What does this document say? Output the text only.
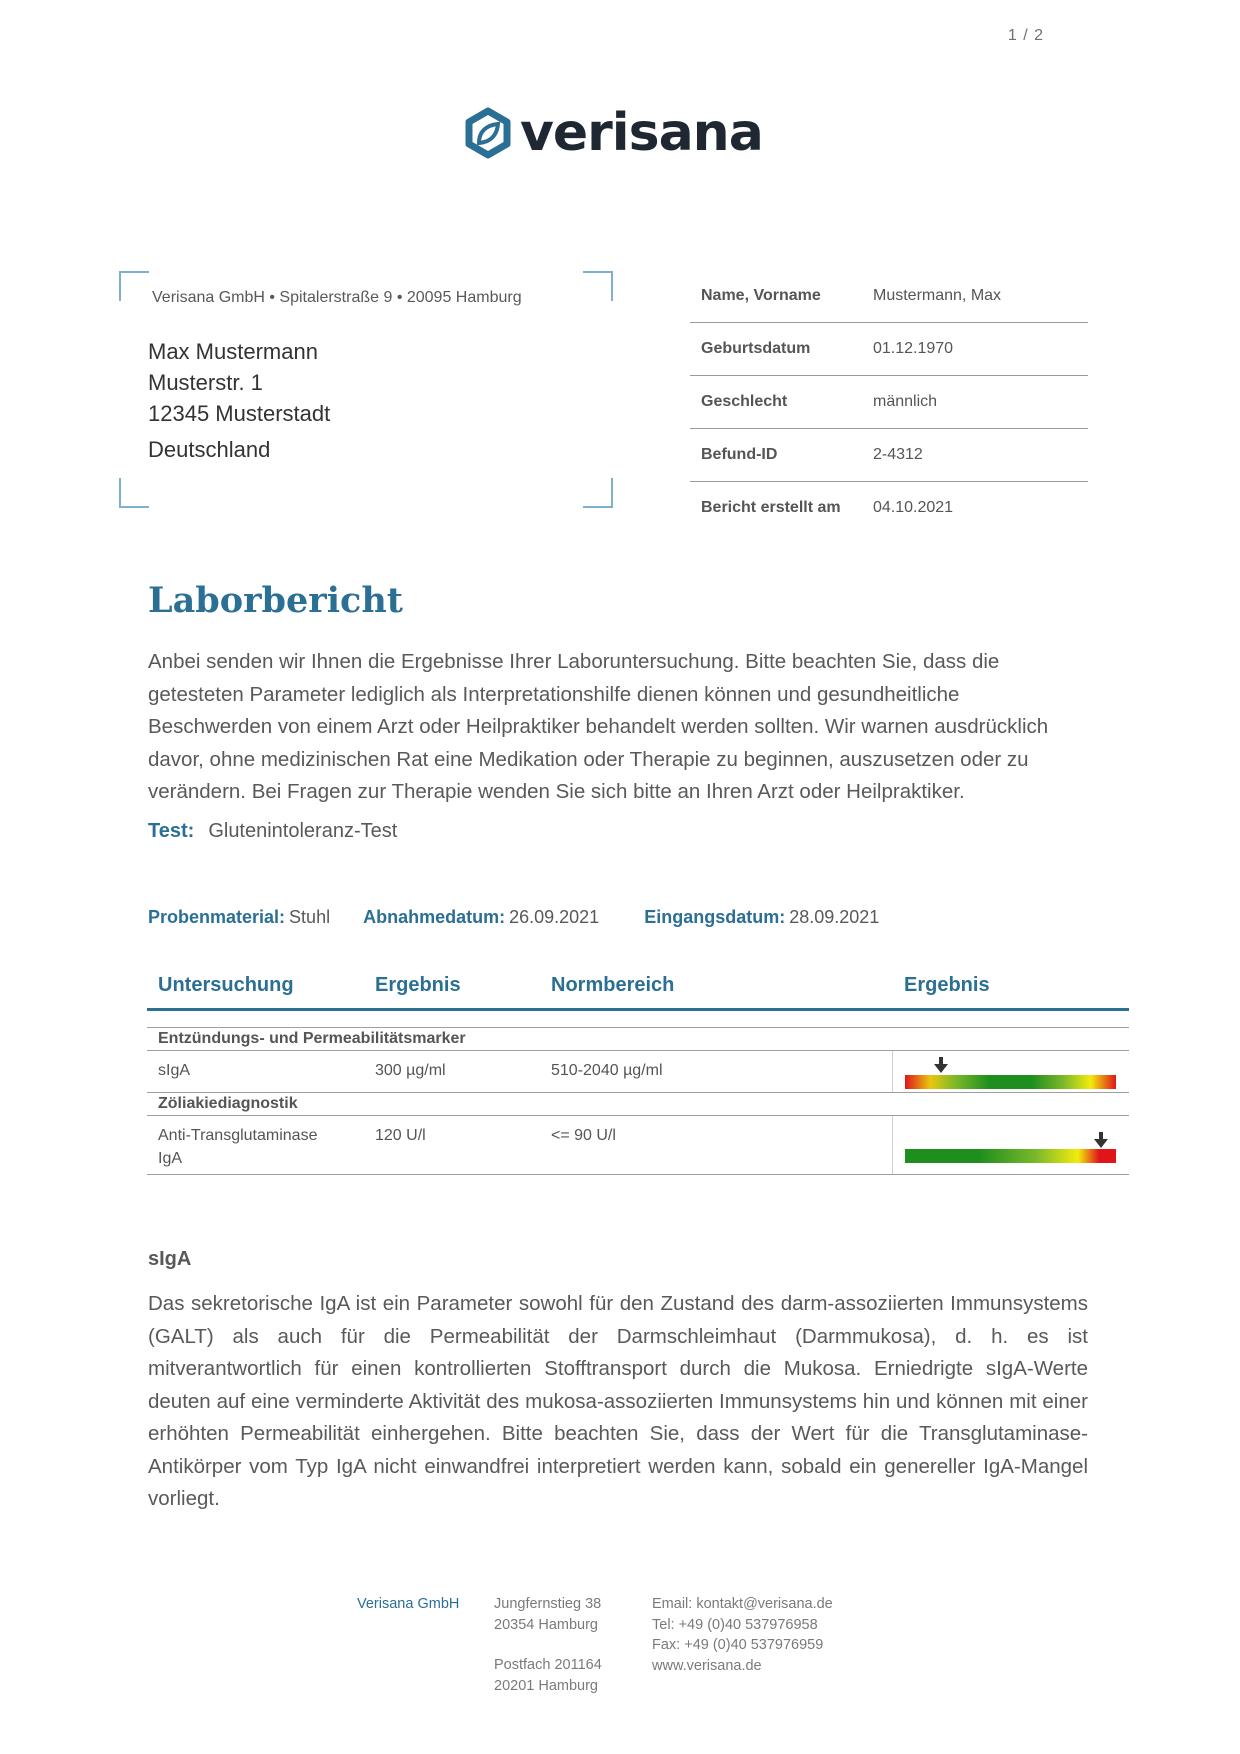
1 / 2
verisana
Verisana GmbH • Spitalerstraße 9 • 20095 Hamburg
Max Mustermann
Musterstr. 1
12345 Musterstadt
Deutschland
Name, Vorname	Mustermann, Max
Geburtsdatum	01.12.1970
Geschlecht	männlich
Befund-ID	2-4312
Bericht erstellt am	04.10.2021
Laborbericht
Anbei senden wir Ihnen die Ergebnisse Ihrer Laboruntersuchung. Bitte beachten Sie, dass die getesteten Parameter lediglich als Interpretationshilfe dienen können und gesundheitliche Beschwerden von einem Arzt oder Heilpraktiker behandelt werden sollten. Wir warnen ausdrücklich davor, ohne medizinischen Rat eine Medikation oder Therapie zu beginnen, auszusetzen oder zu verändern. Bei Fragen zur Therapie wenden Sie sich bitte an Ihren Arzt oder Heilpraktiker.
Test: Glutenintoleranz-Test
Probenmaterial: Stuhl Abnahmedatum: 26.09.2021	Eingangsdatum: 28.09.2021
Untersuchung	Ergebnis	Normbereich	Ergebnis
Entzündungs- und Permeabilitätsmarker
sIgA	300 µg/ml	510-2040 µg/ml
Zöliakiediagnostik
Anti-Transglutaminase
IgA
120 U/l	<= 90 U/l
sIgA
Das sekretorische IgA ist ein Parameter sowohl für den Zustand des darm-assoziierten Immunsystems (GALT) als auch für die Permeabilität der Darmschleimhaut (Darmmukosa), d. h. es ist mitverantwortlich für einen kontrollierten Stofftransport durch die Mukosa. Erniedrigte sIgA-Werte deuten auf eine verminderte Aktivität des mukosa-assoziierten Immunsystems hin und können mit einer erhöhten Permeabilität einhergehen. Bitte beachten Sie, dass der Wert für die Transglutaminase-Antikörper vom Typ IgA nicht einwandfrei interpretiert werden kann, sobald ein genereller IgA-Mangel vorliegt.
Verisana GmbH Jungfernstieg 38
20354 Hamburg
Postfach 201164
20201 Hamburg
Email: kontakt@verisana.de
Tel: +49 (0)40 537976958
Fax: +49 (0)40 537976959
www.verisana.de
